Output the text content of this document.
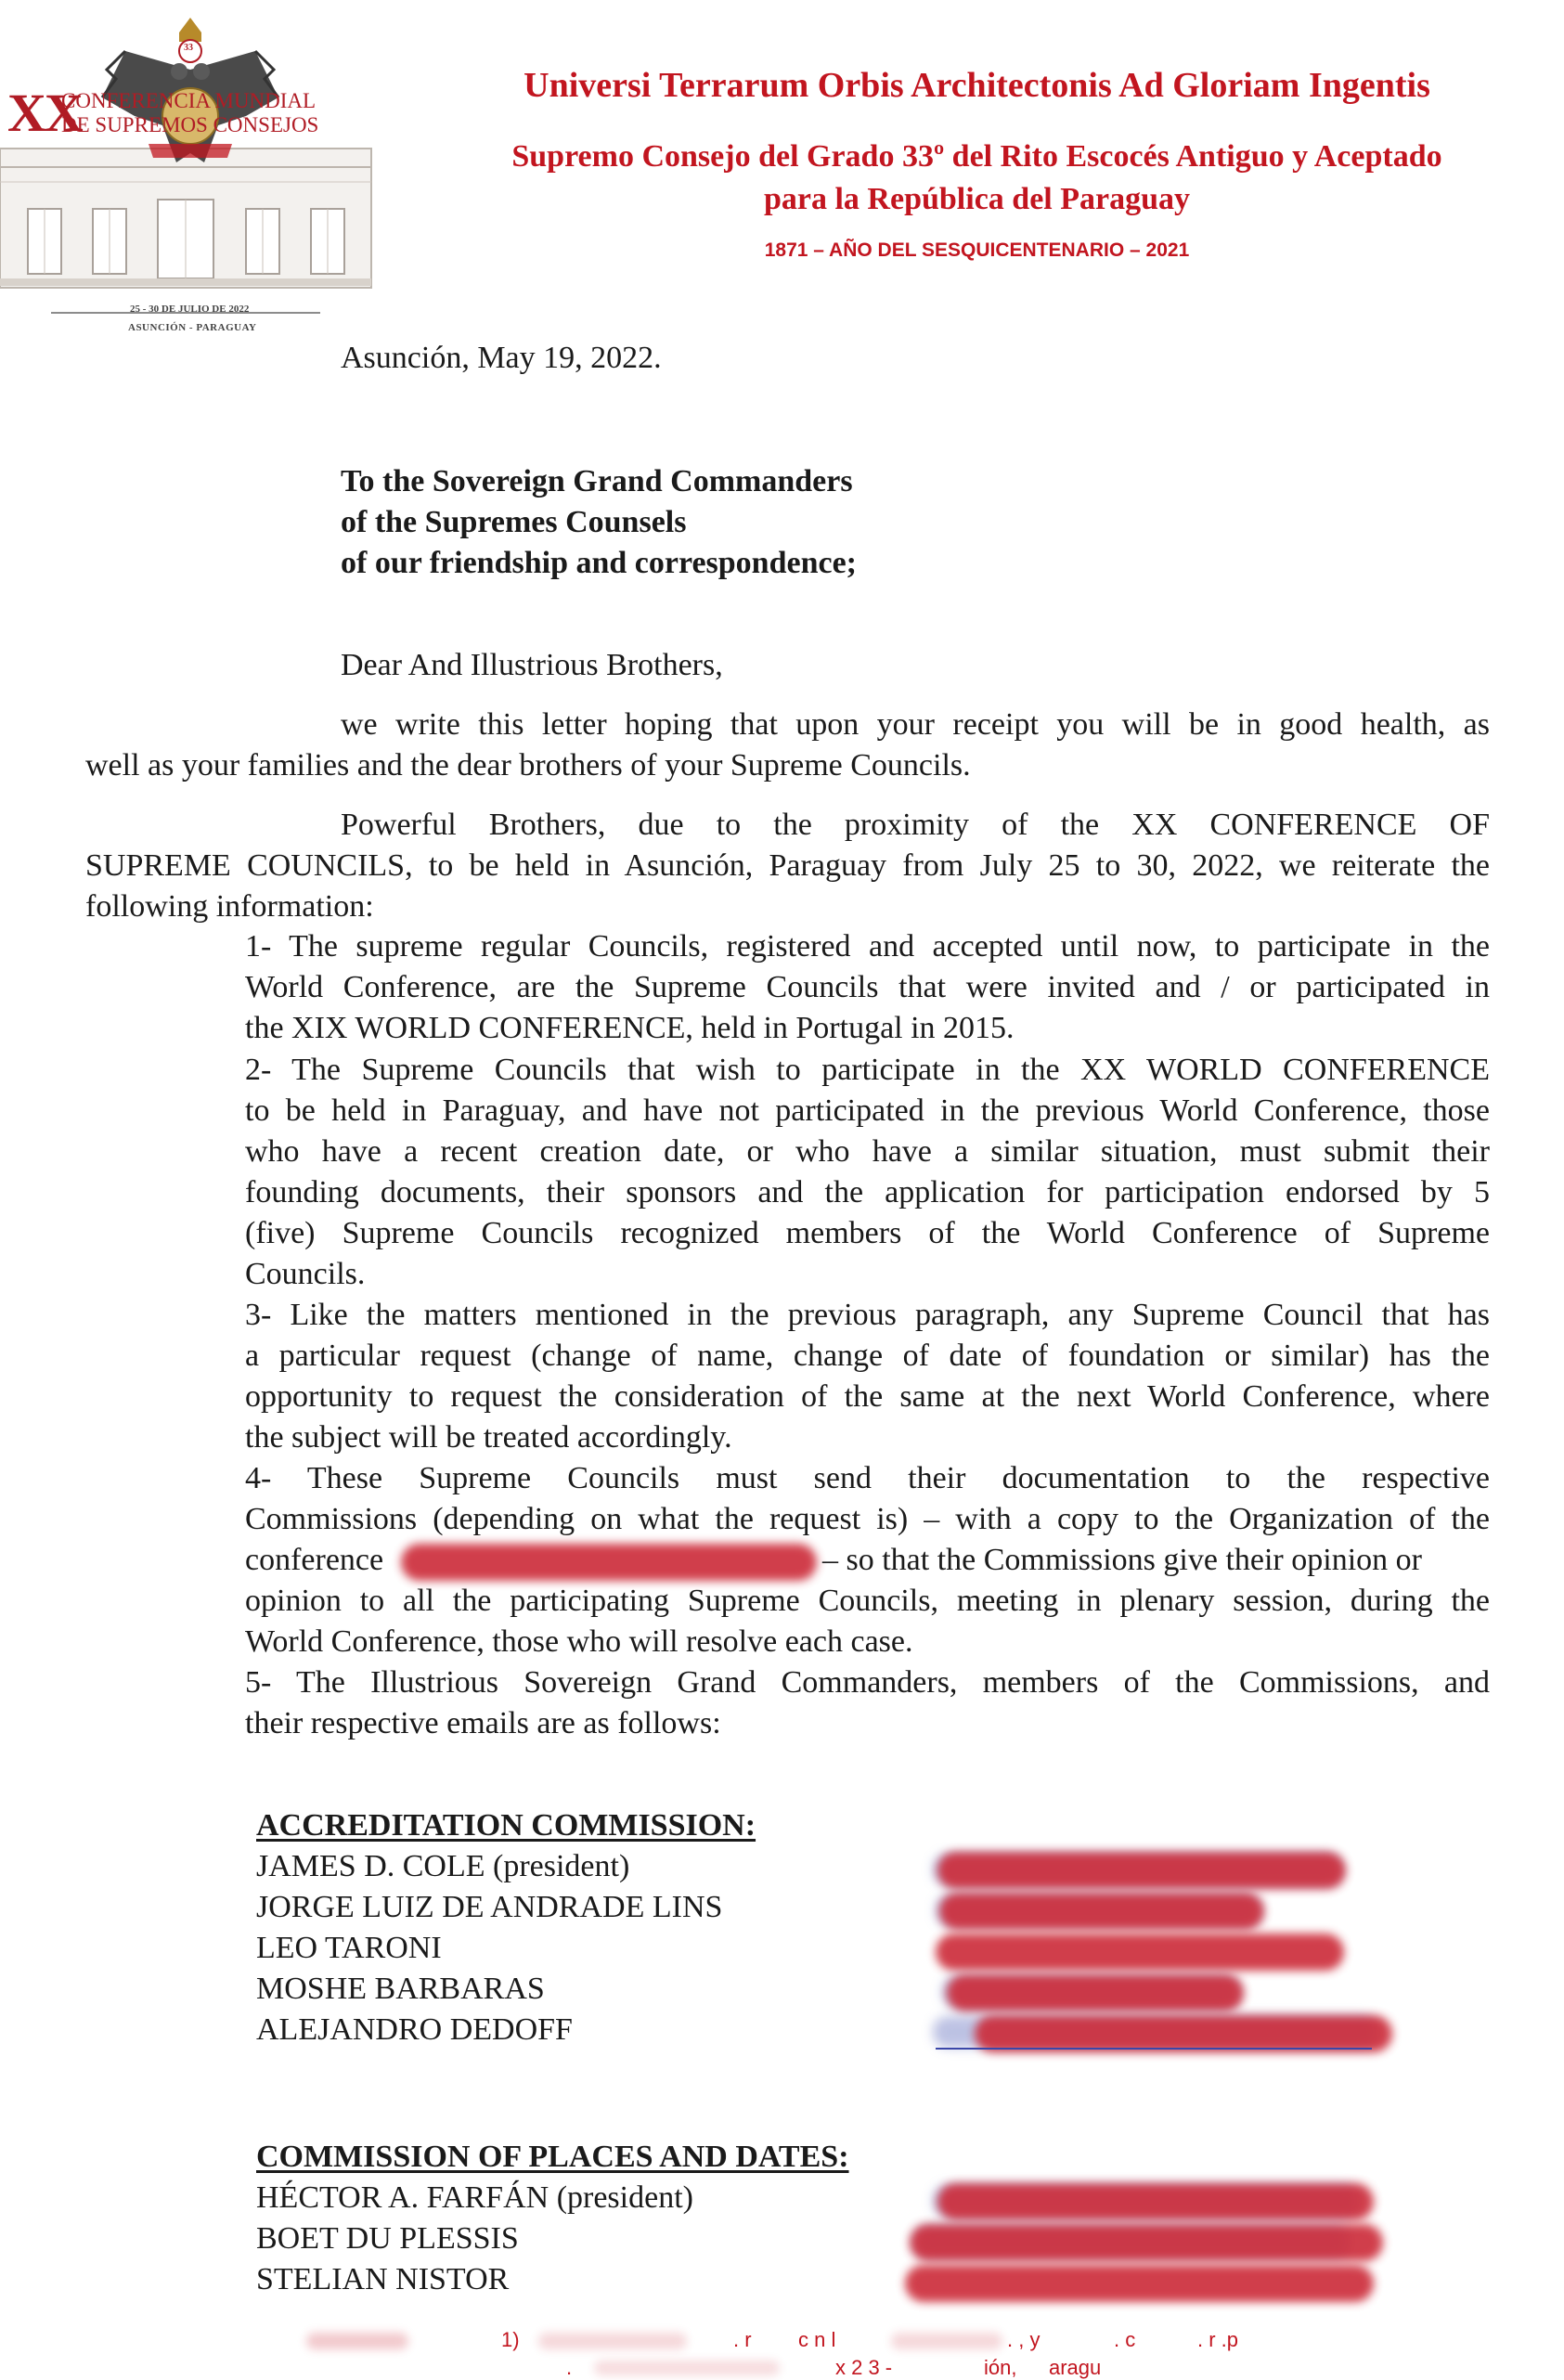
XX
CONFERENCIA MUNDIAL
DE SUPREMOS CONSEJOS
33
25 - 30 DE JULIO DE 2022
ASUNCIÓN - PARAGUAY
Universi Terrarum Orbis Architectonis Ad Gloriam Ingentis
Supremo Consejo del Grado 33º del Rito Escocés Antiguo y Aceptado
para la República del Paraguay
1871 – AÑO DEL SESQUICENTENARIO – 2021
Asunción, May 19, 2022.
To the Sovereign Grand Commanders
of the Supremes Counsels
of our friendship and correspondence;
Dear And Illustrious Brothers,
we write this letter hoping that upon your receipt you will be in good health, as
well as your families and the dear brothers of your Supreme Councils.
Powerful Brothers, due to the proximity of the XX CONFERENCE OF
SUPREME COUNCILS, to be held in Asunción, Paraguay from July 25 to 30, 2022, we reiterate the
following information:
1- The supreme regular Councils, registered and accepted until now, to participate in the
World Conference, are the Supreme Councils that were invited and / or participated in
the XIX WORLD CONFERENCE, held in Portugal in 2015.
2- The Supreme Councils that wish to participate in the XX WORLD CONFERENCE
to be held in Paraguay, and have not participated in the previous World Conference, those
who have a recent creation date, or who have a similar situation, must submit their
founding documents, their sponsors and the application for participation endorsed by 5
(five) Supreme Councils recognized members of the World Conference of Supreme
Councils.
3- Like the matters mentioned in the previous paragraph, any Supreme Council that has
a particular request (change of name, change of date of foundation or similar) has the
opportunity to request the consideration of the same at the next World Conference, where
the subject will be treated accordingly.
4- These Supreme Councils must send their documentation to the respective
Commissions (depending on what the request is) – with a copy to the Organization of the
conference	– so that the Commissions give their opinion or
opinion to all the participating Supreme Councils, meeting in plenary session, during the
World Conference, those who will resolve each case.
5- The Illustrious Sovereign Grand Commanders, members of the Commissions, and
their respective emails are as follows:
ACCREDITATION COMMISSION:
JAMES D. COLE (president)
JORGE LUIZ DE ANDRADE LINS
LEO TARONI
MOSHE BARBARAS
ALEJANDRO DEDOFF
COMMISSION OF PLACES AND DATES:
HÉCTOR A. FARFÁN (president)
BOET DU PLESSIS
STELIAN NISTOR
1)	. r c n l	. , y	. c	. r .p
.	x 2 3 -	ión, aragu
